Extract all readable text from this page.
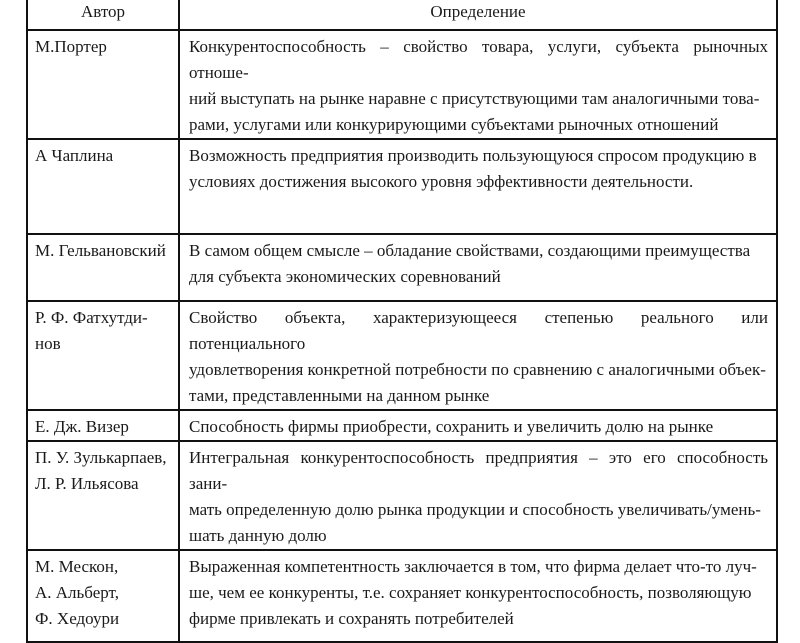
Автор	Определение
М.Портер	Конкурентоспособность – свойство товара, услуги, субъекта рыночных отноше-
ний выступать на рынке наравне с присутствующими там аналогичными това-
рами, услугами или конкурирующими субъектами рыночных отношений
А Чаплина	Возможность предприятия производить пользующуюся спросом продукцию в
условиях достижения высокого уровня эффективности деятельности.
М. Гельвановский	В самом общем смысле – обладание свойствами, создающими преимущества
для субъекта экономических соревнований
Р. Ф. Фатхутди-
нов	Свойство объекта, характеризующееся степенью реального или потенциального
удовлетворения конкретной потребности по сравнению с аналогичными объек-
тами, представленными на данном рынке
Е. Дж. Визер	Способность фирмы приобрести, сохранить и увеличить долю на рынке
П. У. Зулькарпаев,
Л. Р. Ильясова	Интегральная конкурентоспособность предприятия – это его способность зани-
мать определенную долю рынка продукции и способность увеличивать/умень-
шать данную долю
М. Мескон,
А. Альберт,
Ф. Хедоури	Выраженная компетентность заключается в том, что фирма делает что-то луч-
ше, чем ее конкуренты, т.е. сохраняет конкурентоспособность, позволяющую
фирме привлекать и сохранять потребителей
